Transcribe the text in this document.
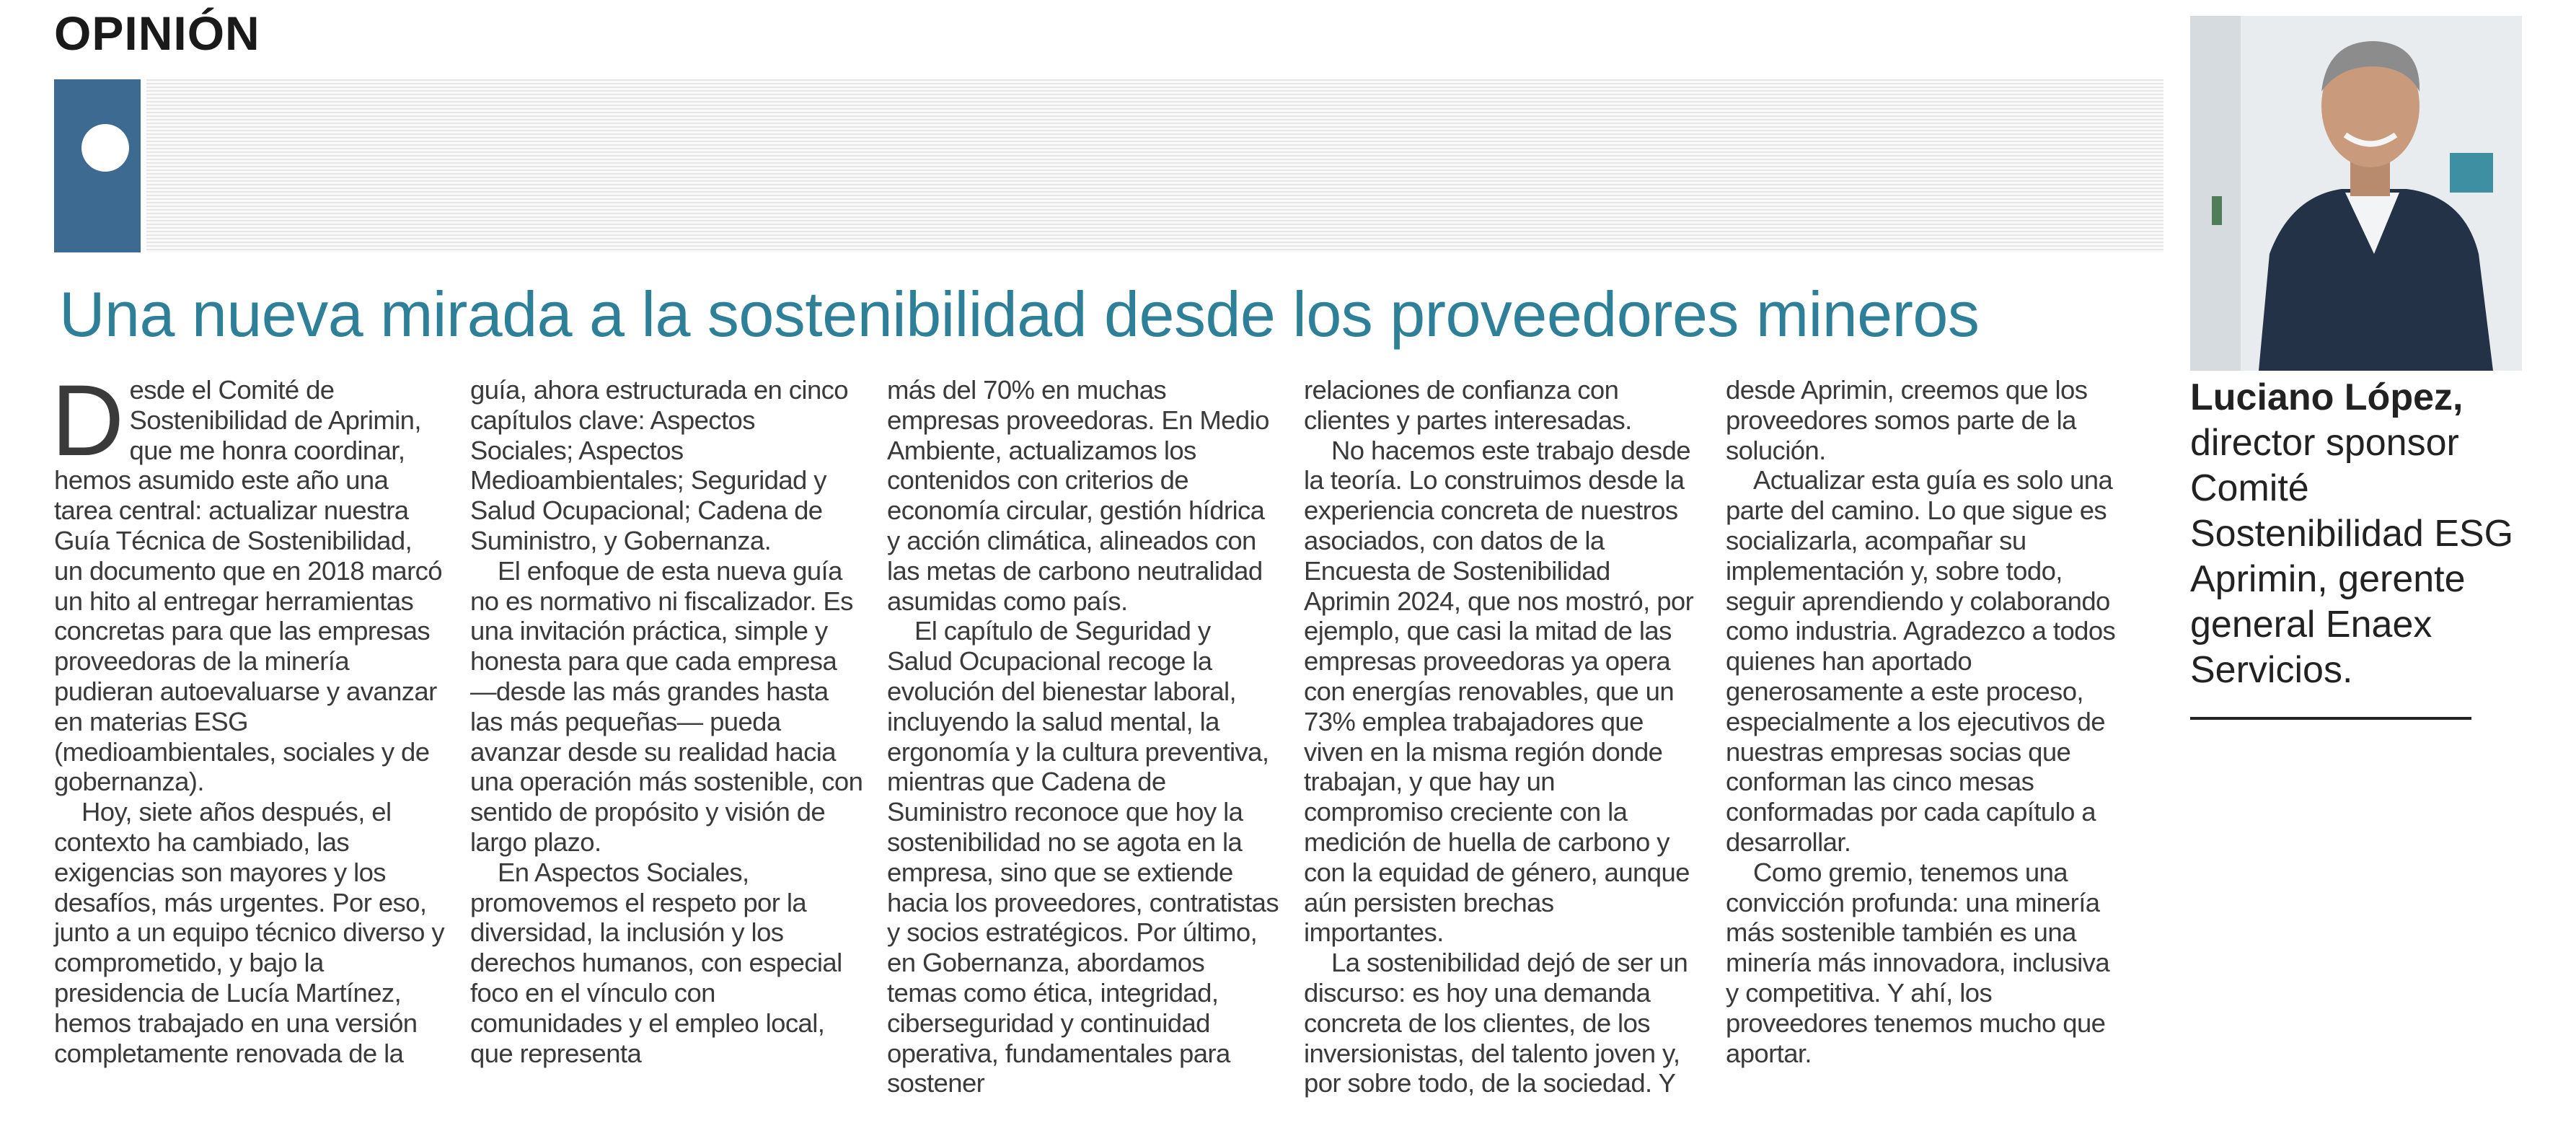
OPINIÓN
Una nueva mirada a la sostenibilidad desde los proveedores mineros

Desde el Comité de Sostenibilidad de Aprimin, que me honra coordinar, hemos asumido este año una tarea central: actualizar nuestra Guía Técnica de Sostenibilidad, un documento que en 2018 marcó un hito al entregar herramientas concretas para que las empresas proveedoras de la minería pudieran autoevaluarse y avanzar en materias ESG (medioambientales, sociales y de gobernanza).

Hoy, siete años después, el contexto ha cambiado, las exigencias son mayores y los desafíos, más urgentes. Por eso, junto a un equipo técnico diverso y comprometido, y bajo la presidencia de Lucía Martínez, hemos trabajado en una versión completamente renovada de la

guía, ahora estructurada en cinco capítulos clave: Aspectos Sociales; Aspectos Medioambientales; Seguridad y Salud Ocupacional; Cadena de Suministro, y Gobernanza.

El enfoque de esta nueva guía no es normativo ni fiscalizador. Es una invitación práctica, simple y honesta para que cada empresa —desde las más grandes hasta las más pequeñas— pueda avanzar desde su realidad hacia una operación más sostenible, con sentido de propósito y visión de largo plazo.

En Aspectos Sociales, promovemos el respeto por la diversidad, la inclusión y los derechos humanos, con especial foco en el vínculo con comunidades y el empleo local, que representa

más del 70% en muchas empresas proveedoras. En Medio Ambiente, actualizamos los contenidos con criterios de economía circular, gestión hídrica y acción climática, alineados con las metas de carbono neutralidad asumidas como país.

El capítulo de Seguridad y Salud Ocupacional recoge la evolución del bienestar laboral, incluyendo la salud mental, la ergonomía y la cultura preventiva, mientras que Cadena de Suministro reconoce que hoy la sostenibilidad no se agota en la empresa, sino que se extiende hacia los proveedores, contratistas y socios estratégicos. Por último, en Gobernanza, abordamos temas como ética, integridad, ciberseguridad y continuidad operativa, fundamentales para sostener

relaciones de confianza con clientes y partes interesadas.

No hacemos este trabajo desde la teoría. Lo construimos desde la experiencia concreta de nuestros asociados, con datos de la Encuesta de Sostenibilidad Aprimin 2024, que nos mostró, por ejemplo, que casi la mitad de las empresas proveedoras ya opera con energías renovables, que un 73% emplea trabajadores que viven en la misma región donde trabajan, y que hay un compromiso creciente con la medición de huella de carbono y con la equidad de género, aunque aún persisten brechas importantes.

La sostenibilidad dejó de ser un discurso: es hoy una demanda concreta de los clientes, de los inversionistas, del talento joven y, por sobre todo, de la sociedad. Y

desde Aprimin, creemos que los proveedores somos parte de la solución.

Actualizar esta guía es solo una parte del camino. Lo que sigue es socializarla, acompañar su implementación y, sobre todo, seguir aprendiendo y colaborando como industria. Agradezco a todos quienes han aportado generosamente a este proceso, especialmente a los ejecutivos de nuestras empresas socias que conforman las cinco mesas conformadas por cada capítulo a desarrollar.

Como gremio, tenemos una convicción profunda: una minería más sostenible también es una minería más innovadora, inclusiva y competitiva. Y ahí, los proveedores tenemos mucho que aportar.

Luciano López,
director sponsor Comité Sostenibilidad ESG Aprimin, gerente general Enaex Servicios.
